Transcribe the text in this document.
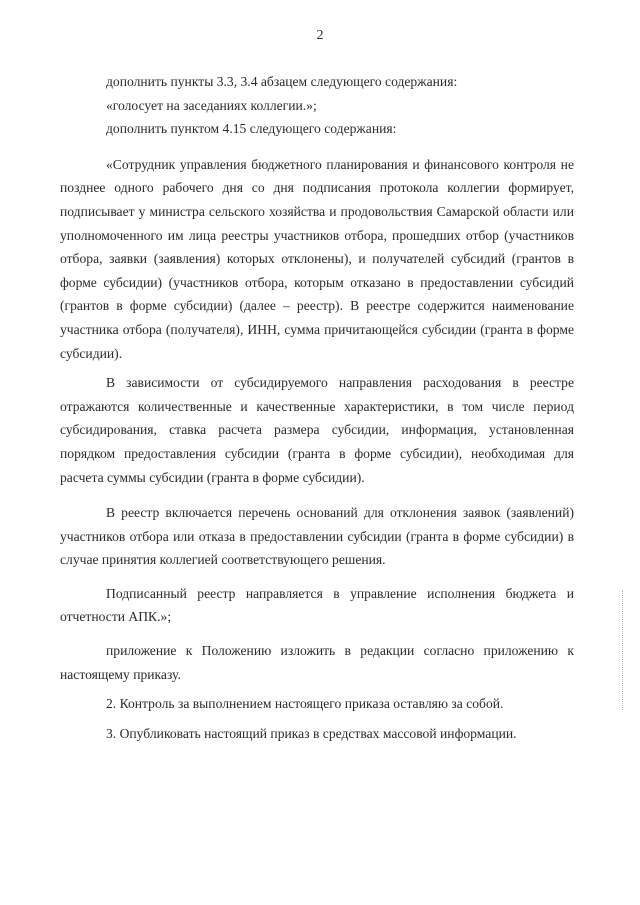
2

дополнить пункты 3.3, 3.4 абзацем следующего содержания:

«голосует на заседаниях коллегии.»;

дополнить пунктом 4.15 следующего содержания:

«Сотрудник управления бюджетного планирования и финансового контроля не позднее одного рабочего дня со дня подписания протокола коллегии формирует, подписывает у министра сельского хозяйства и продовольствия Самарской области или уполномоченного им лица реестры участников отбора, прошедших отбор (участников отбора, заявки (заявления) которых отклонены), и получателей субсидий (грантов в форме субсидии) (участников отбора, которым отказано в предоставлении субсидий (грантов в форме субсидии) (далее – реестр). В реестре содержится наименование участника отбора (получателя), ИНН, сумма причитающейся субсидии (гранта в форме субсидии).

В зависимости от субсидируемого направления расходования в реестре отражаются количественные и качественные характеристики, в том числе период субсидирования, ставка расчета размера субсидии, информация, установленная порядком предоставления субсидии (гранта в форме субсидии), необходимая для расчета суммы субсидии (гранта в форме субсидии).

В реестр включается перечень оснований для отклонения заявок (заявлений) участников отбора или отказа в предоставлении субсидии (гранта в форме субсидии) в случае принятия коллегией соответствующего решения.

Подписанный реестр направляется в управление исполнения бюджета и отчетности АПК.»;

приложение к Положению изложить в редакции согласно приложению к настоящему приказу.

2. Контроль за выполнением настоящего приказа оставляю за собой.

3. Опубликовать настоящий приказ в средствах массовой информации.
